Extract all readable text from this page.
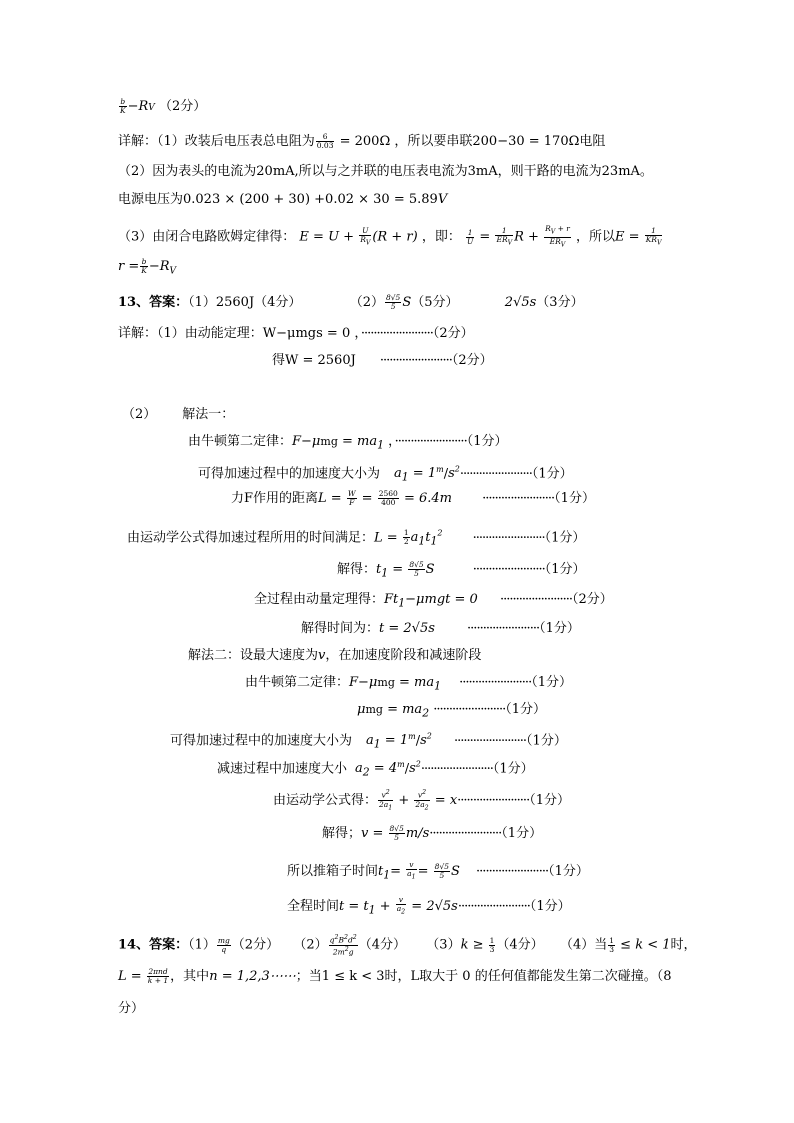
$\frac{b}{K} -RV$ （2分）
详解：（1）改装后电压表总电阻为 $\frac{6}{0.03} = 200\Omega$ ，所以要串联200−30 = 170Ω电阻
（2）因为表头的电流为20mA,所以与之并联的电压表电流为3mA，则干路的电流为23mA。
电源电压为0.023 × (200 + 30) +0.02 × 30 = 5.89V
（3）由闭合电路欧姆定律得： $E = U + \frac{U}{R_V} (R + r)$ ，即： $\frac{1}{U} = \frac{1}{ER_V}$ $R + \frac{R_V + r}{ER_V}$ ，所以$E = \frac{1}{KR_V}$
$r = \frac{b}{K} -R_V$
13、答案：（1）2560J（4分）	$(2) \frac{8√5}{5} S(5$分）	2√5s（3分）
详解：（1）由动能定理：W−μmgs = 0 ，·······················（2分）
得W = 2560J ·······················（2分）
（2） 解法一：
由牛顿第二定律：$F-\mu mg = ma_1$ ，·······················（1分）
可得加速过程中的加速度大小为 $a_1 = 1^m/s^2\cdot\cdot\cdot\cdot\cdot\cdot\cdot\cdot\cdot\cdot\cdot\cdot\cdot\cdot\cdot\cdot\cdot\cdot\cdot\cdot\cdot\cdot\cdot(1$分）
力F作用的距离$L = \frac{W}{F} = \frac{2560}{400} = 6.4m \cdot\cdot\cdot\cdot\cdot\cdot\cdot\cdot\cdot\cdot\cdot\cdot\cdot\cdot\cdot\cdot\cdot\cdot\cdot\cdot\cdot\cdot\cdot(1$分）
由运动学公式得加速过程所用的时间满足：$L = \frac{1}{2} a_1t_1^2 \cdot\cdot\cdot\cdot\cdot\cdot\cdot\cdot\cdot\cdot\cdot\cdot\cdot\cdot\cdot\cdot\cdot\cdot\cdot\cdot\cdot\cdot\cdot(1$分）
解得：$t_1 = \frac{8√5}{5}$ S	·······················（1分）
全过程由动量定理得：$Ft_1-\mu mgt = 0 \cdot\cdot\cdot\cdot\cdot\cdot\cdot\cdot\cdot\cdot\cdot\cdot\cdot\cdot\cdot\cdot\cdot\cdot\cdot\cdot\cdot\cdot\cdot(2$分）
解得时间为：t = 2√5s ·······················（1分）
解法二：设最大速度为v，在加速度阶段和减速阶段
由牛顿第二定律：$F-\mu mg = ma_1 \cdot\cdot\cdot\cdot\cdot\cdot\cdot\cdot\cdot\cdot\cdot\cdot\cdot\cdot\cdot\cdot\cdot\cdot\cdot\cdot\cdot\cdot\cdot(1$分）
$\mu mg = ma_2 \cdot\cdot\cdot\cdot\cdot\cdot\cdot\cdot\cdot\cdot\cdot\cdot\cdot\cdot\cdot\cdot\cdot\cdot\cdot\cdot\cdot\cdot\cdot(1$分）
可得加速过程中的加速度大小为 $a_1 = 1^m/s^2 \cdot\cdot\cdot\cdot\cdot\cdot\cdot\cdot\cdot\cdot\cdot\cdot\cdot\cdot\cdot\cdot\cdot\cdot\cdot\cdot\cdot\cdot\cdot(1$分）
减速过程中加速度大小 $a_2 = 4^m/s^2\cdot\cdot\cdot\cdot\cdot\cdot\cdot\cdot\cdot\cdot\cdot\cdot\cdot\cdot\cdot\cdot\cdot\cdot\cdot\cdot\cdot\cdot\cdot(1$分）
由运动学公式得： $\frac{v^2}{2a_1} + \frac{v^2}{2a_2} = x\cdot\cdot\cdot\cdot\cdot\cdot\cdot\cdot\cdot\cdot\cdot\cdot\cdot\cdot\cdot\cdot\cdot\cdot\cdot\cdot\cdot\cdot\cdot(1$分）
解得；$v = \frac{8√5}{5} m/s\cdot\cdot\cdot\cdot\cdot\cdot\cdot\cdot\cdot\cdot\cdot\cdot\cdot\cdot\cdot\cdot\cdot\cdot\cdot\cdot\cdot\cdot\cdot(1$分）
所以推箱子时间$t_1= \frac{v}{a_1} = \frac{8√5}{5}$ S ·······················（1分）
全程时间$t = t_1 + \frac{v}{a_2} = 2√5s\cdot\cdot\cdot\cdot\cdot\cdot\cdot\cdot\cdot\cdot\cdot\cdot\cdot\cdot\cdot\cdot\cdot\cdot\cdot\cdot\cdot\cdot\cdot(1$分）
14、答案：$(1) \frac{mg}{q} (2$分） $(2) \frac{q^2B^2d^2}{2m^2g} (4$分） $(3)k \ge \frac{1}{3} (4$分） （4）当 $\frac{1}{3} \le k < 1$时，
$L = \frac{\text{2πnd}}{k + 1}$ ，其中n = 1,2,3⋯⋯；当1 ≤ k < 3时，L取大于 0 的任何值都能发生第二次碰撞。（8
分）
